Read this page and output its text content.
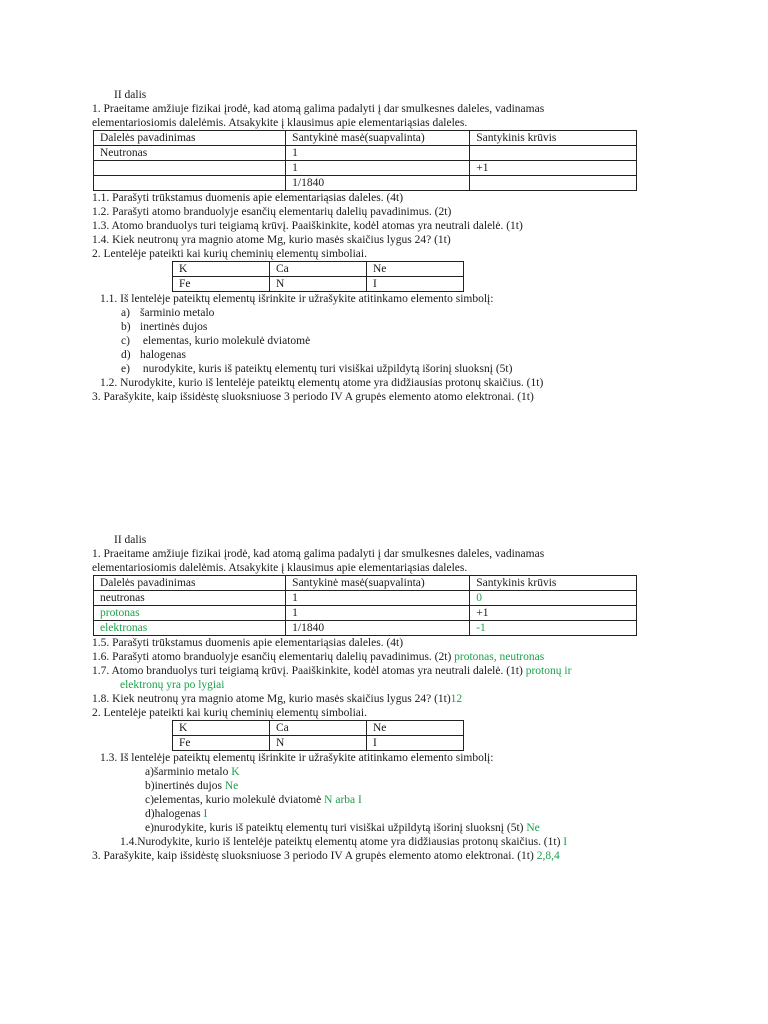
II dalis

1. Praeitame amžiuje fizikai įrodė, kad atomą galima padalyti į dar smulkesnes daleles, vadinamas

elementariosiomis dalelėmis. Atsakykite į klausimus apie elementariąsias daleles.

Dalelės pavadinimas	Santykinė masė(suapvalinta)	Santykinis krūvis
Neutronas	1	
	1	+1
	1/1840	

1.1. Parašyti trūkstamus duomenis apie elementariąsias daleles. (4t)

1.2. Parašyti atomo branduolyje esančių elementarių dalelių pavadinimus. (2t)

1.3. Atomo branduolys turi teigiamą krūvį. Paaiškinkite, kodėl atomas yra neutrali dalelė. (1t)

1.4. Kiek neutronų yra magnio atome Mg, kurio masės skaičius lygus 24? (1t)

2. Lentelėje pateikti kai kurių cheminių elementų simboliai.

K	Ca	Ne
Fe	N	I

1.1. Iš lentelėje pateiktų elementų išrinkite ir užrašykite atitinkamo elemento simbolį:

a) šarminio metalo

b) inertinės dujos

c) elementas, kurio molekulė dviatomė

d) halogenas

e) nurodykite, kuris iš pateiktų elementų turi visiškai užpildytą išorinį sluoksnį (5t)

1.2. Nurodykite, kurio iš lentelėje pateiktų elementų atome yra didžiausias protonų skaičius. (1t)

3. Parašykite, kaip išsidėstę sluoksniuose 3 periodo IV A grupės elemento atomo elektronai. (1t)

II dalis

1. Praeitame amžiuje fizikai įrodė, kad atomą galima padalyti į dar smulkesnes daleles, vadinamas

elementariosiomis dalelėmis. Atsakykite į klausimus apie elementariąsias daleles.

Dalelės pavadinimas	Santykinė masė(suapvalinta)	Santykinis krūvis
neutronas	1	0
protonas	1	+1
elektronas	1/1840	-1

1.5. Parašyti trūkstamus duomenis apie elementariąsias daleles. (4t)

1.6. Parašyti atomo branduolyje esančių elementarių dalelių pavadinimus. (2t) protonas, neutronas

1.7. Atomo branduolys turi teigiamą krūvį. Paaiškinkite, kodėl atomas yra neutrali dalelė. (1t) protonų ir

elektronų yra po lygiai

1.8. Kiek neutronų yra magnio atome Mg, kurio masės skaičius lygus 24? (1t)12

2. Lentelėje pateikti kai kurių cheminių elementų simboliai.

K	Ca	Ne
Fe	N	I

1.3. Iš lentelėje pateiktų elementų išrinkite ir užrašykite atitinkamo elemento simbolį:

a)šarminio metalo K

b)inertinės dujos Ne

c)elementas, kurio molekulė dviatomė N arba I

d)halogenas I

e)nurodykite, kuris iš pateiktų elementų turi visiškai užpildytą išorinį sluoksnį (5t) Ne

1.4.Nurodykite, kurio iš lentelėje pateiktų elementų atome yra didžiausias protonų skaičius. (1t) I

3. Parašykite, kaip išsidėstę sluoksniuose 3 periodo IV A grupės elemento atomo elektronai. (1t) 2,8,4
